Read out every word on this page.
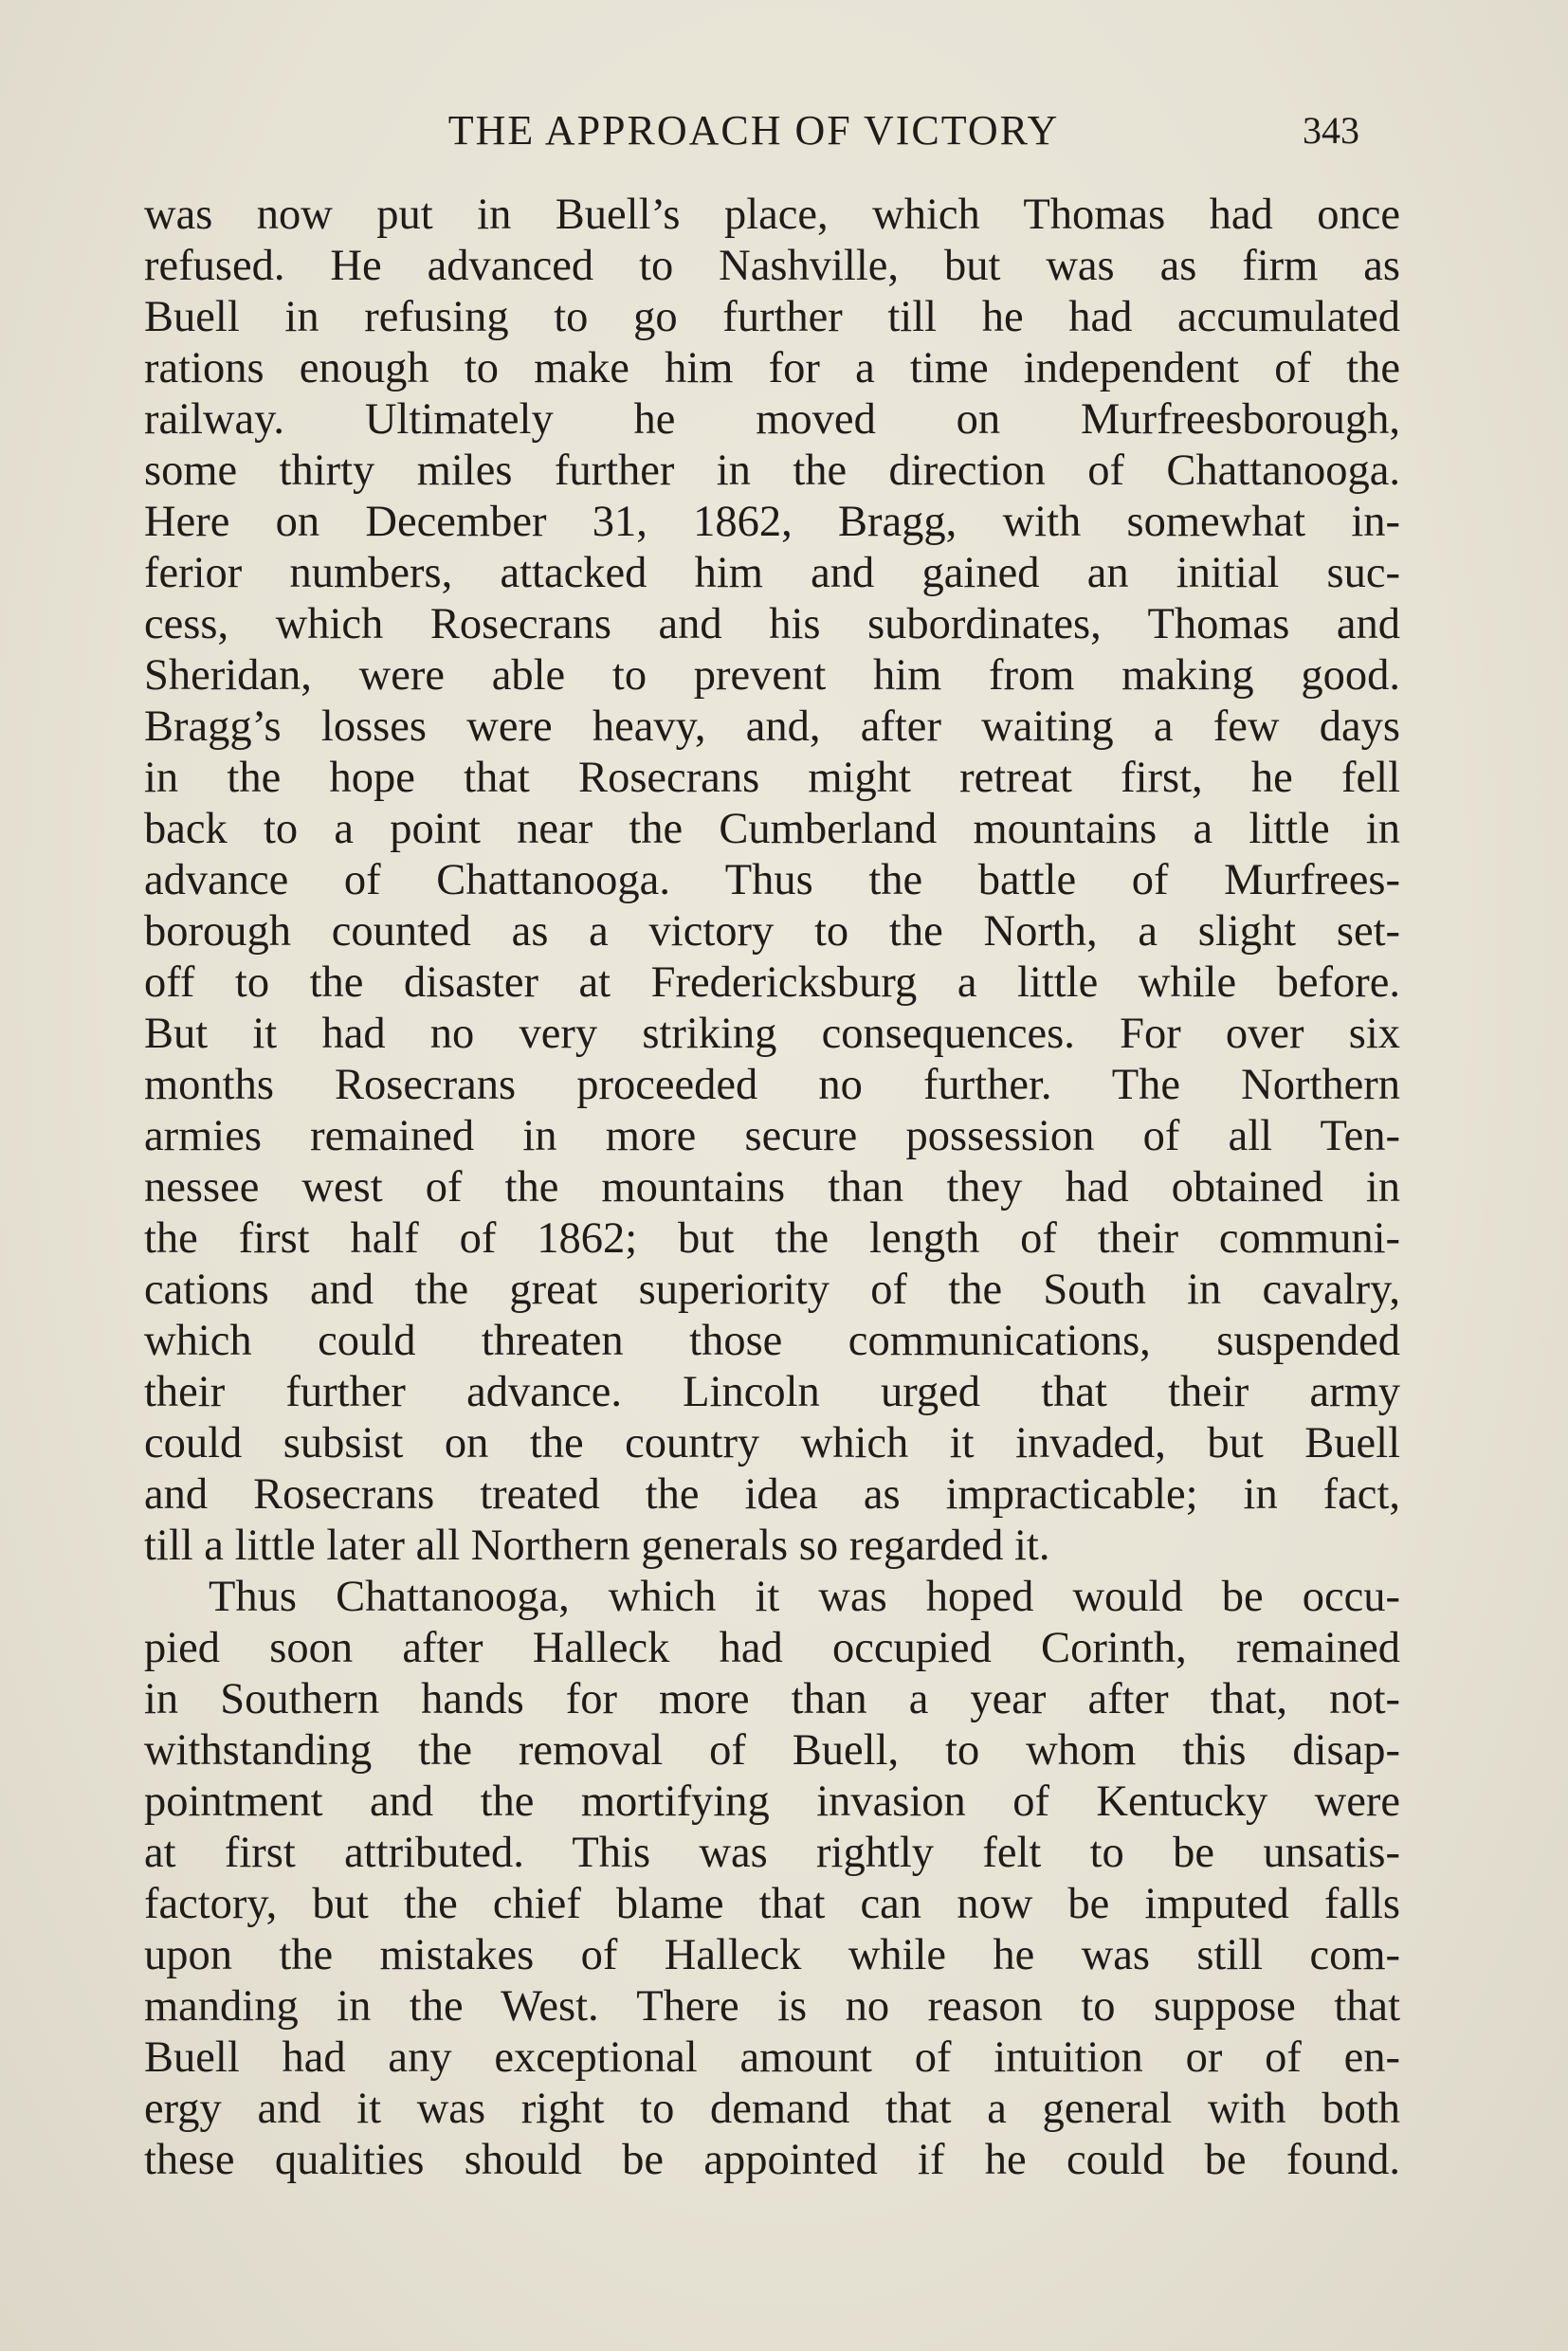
THE APPROACH OF VICTORY	343
was now put in Buell’s place, which Thomas had once
refused. He advanced to Nashville, but was as firm as
Buell in refusing to go further till he had accumulated
rations enough to make him for a time independent of the
railway. Ultimately he moved on Murfreesborough,
some thirty miles further in the direction of Chattanooga.
Here on December 31, 1862, Bragg, with somewhat in-
ferior numbers, attacked him and gained an initial suc-
cess, which Rosecrans and his subordinates, Thomas and
Sheridan, were able to prevent him from making good.
Bragg’s losses were heavy, and, after waiting a few days
in the hope that Rosecrans might retreat first, he fell
back to a point near the Cumberland mountains a little in
advance of Chattanooga. Thus the battle of Murfrees-
borough counted as a victory to the North, a slight set-
off to the disaster at Fredericksburg a little while before.
But it had no very striking consequences. For over six
months Rosecrans proceeded no further. The Northern
armies remained in more secure possession of all Ten-
nessee west of the mountains than they had obtained in
the first half of 1862; but the length of their communi-
cations and the great superiority of the South in cavalry,
which could threaten those communications, suspended
their further advance. Lincoln urged that their army
could subsist on the country which it invaded, but Buell
and Rosecrans treated the idea as impracticable; in fact,
till a little later all Northern generals so regarded it.
Thus Chattanooga, which it was hoped would be occu-
pied soon after Halleck had occupied Corinth, remained
in Southern hands for more than a year after that, not-
withstanding the removal of Buell, to whom this disap-
pointment and the mortifying invasion of Kentucky were
at first attributed. This was rightly felt to be unsatis-
factory, but the chief blame that can now be imputed falls
upon the mistakes of Halleck while he was still com-
manding in the West. There is no reason to suppose that
Buell had any exceptional amount of intuition or of en-
ergy and it was right to demand that a general with both
these qualities should be appointed if he could be found.
